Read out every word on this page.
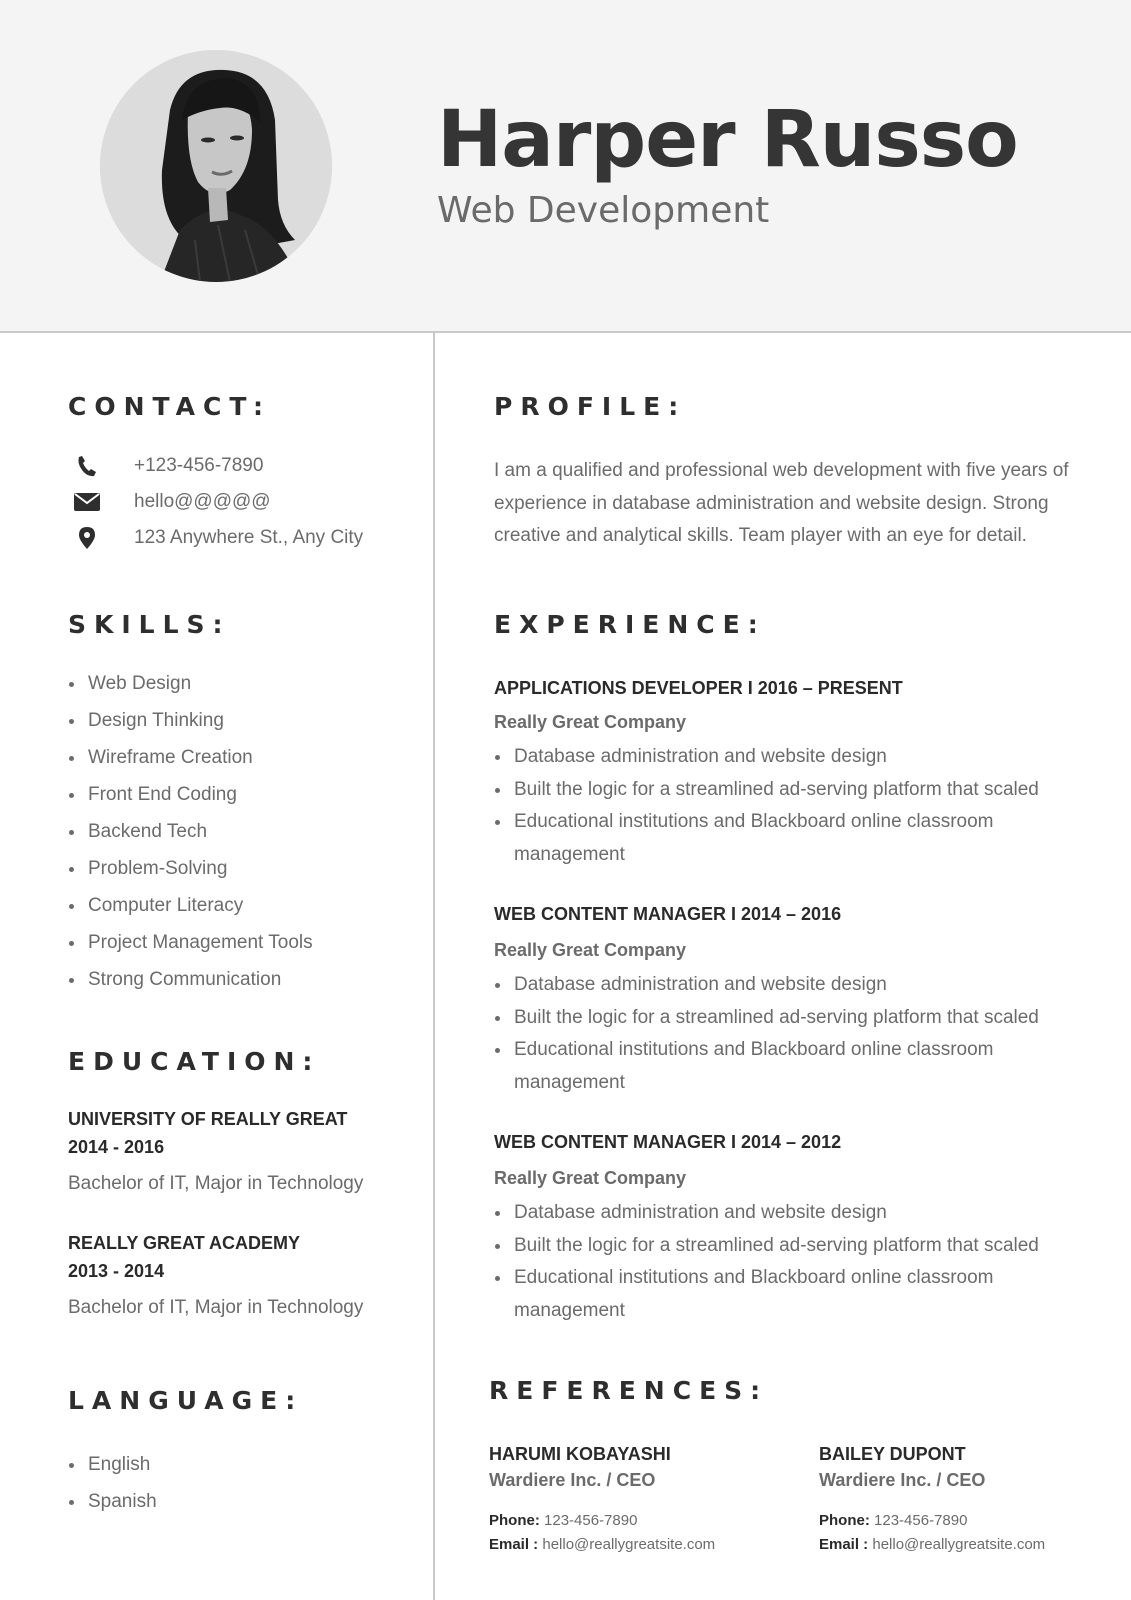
Harper Russo
Web Development
CONTACT:
+123-456-7890
hello@@@@@
123 Anywhere St., Any City
SKILLS:
Web Design
Design Thinking
Wireframe Creation
Front End Coding
Backend Tech
Problem-Solving
Computer Literacy
Project Management Tools
Strong Communication
EDUCATION:
UNIVERSITY OF REALLY GREAT
2014 - 2016
Bachelor of IT, Major in Technology
REALLY GREAT ACADEMY
2013 - 2014
Bachelor of IT, Major in Technology
LANGUAGE:
English
Spanish
PROFILE:
I am a qualified and professional web development with five years of experience in database administration and website design. Strong creative and analytical skills. Team player with an eye for detail.
EXPERIENCE:
APPLICATIONS DEVELOPER I 2016 – PRESENT
Really Great Company
Database administration and website design
Built the logic for a streamlined ad-serving platform that scaled
Educational institutions and Blackboard online classroom management
WEB CONTENT MANAGER I 2014 – 2016
Really Great Company
Database administration and website design
Built the logic for a streamlined ad-serving platform that scaled
Educational institutions and Blackboard online classroom management
WEB CONTENT MANAGER I 2014 – 2012
Really Great Company
Database administration and website design
Built the logic for a streamlined ad-serving platform that scaled
Educational institutions and Blackboard online classroom management
REFERENCES:
HARUMI KOBAYASHI
Wardiere Inc. / CEO
Phone: 123-456-7890
Email : hello@reallygreatsite.com
BAILEY DUPONT
Wardiere Inc. / CEO
Phone: 123-456-7890
Email : hello@reallygreatsite.com
